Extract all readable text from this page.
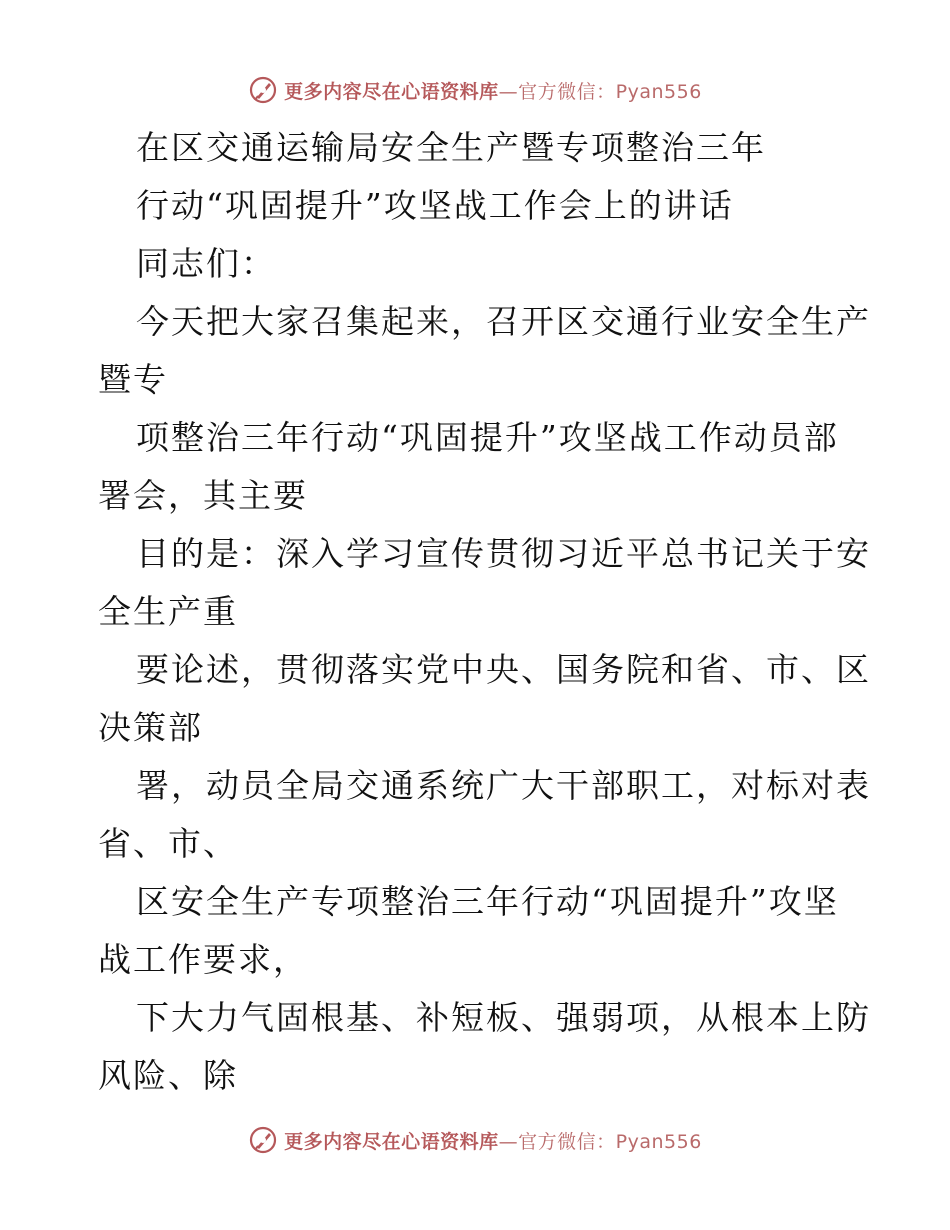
更多内容尽在心语资料库—官方微信：Pyan556
在区交通运输局安全生产暨专项整治三年
行动“巩固提升”攻坚战工作会上的讲话
同志们：
今天把大家召集起来，召开区交通行业安全生产
暨专
项整治三年行动“巩固提升”攻坚战工作动员部
署会，其主要
目的是：深入学习宣传贯彻习近平总书记关于安
全生产重
要论述，贯彻落实党中央、国务院和省、市、区
决策部
署，动员全局交通系统广大干部职工，对标对表
省、市、
区安全生产专项整治三年行动“巩固提升”攻坚
战工作要求，
下大力气固根基、补短板、强弱项，从根本上防
风险、除
更多内容尽在心语资料库—官方微信：Pyan556
